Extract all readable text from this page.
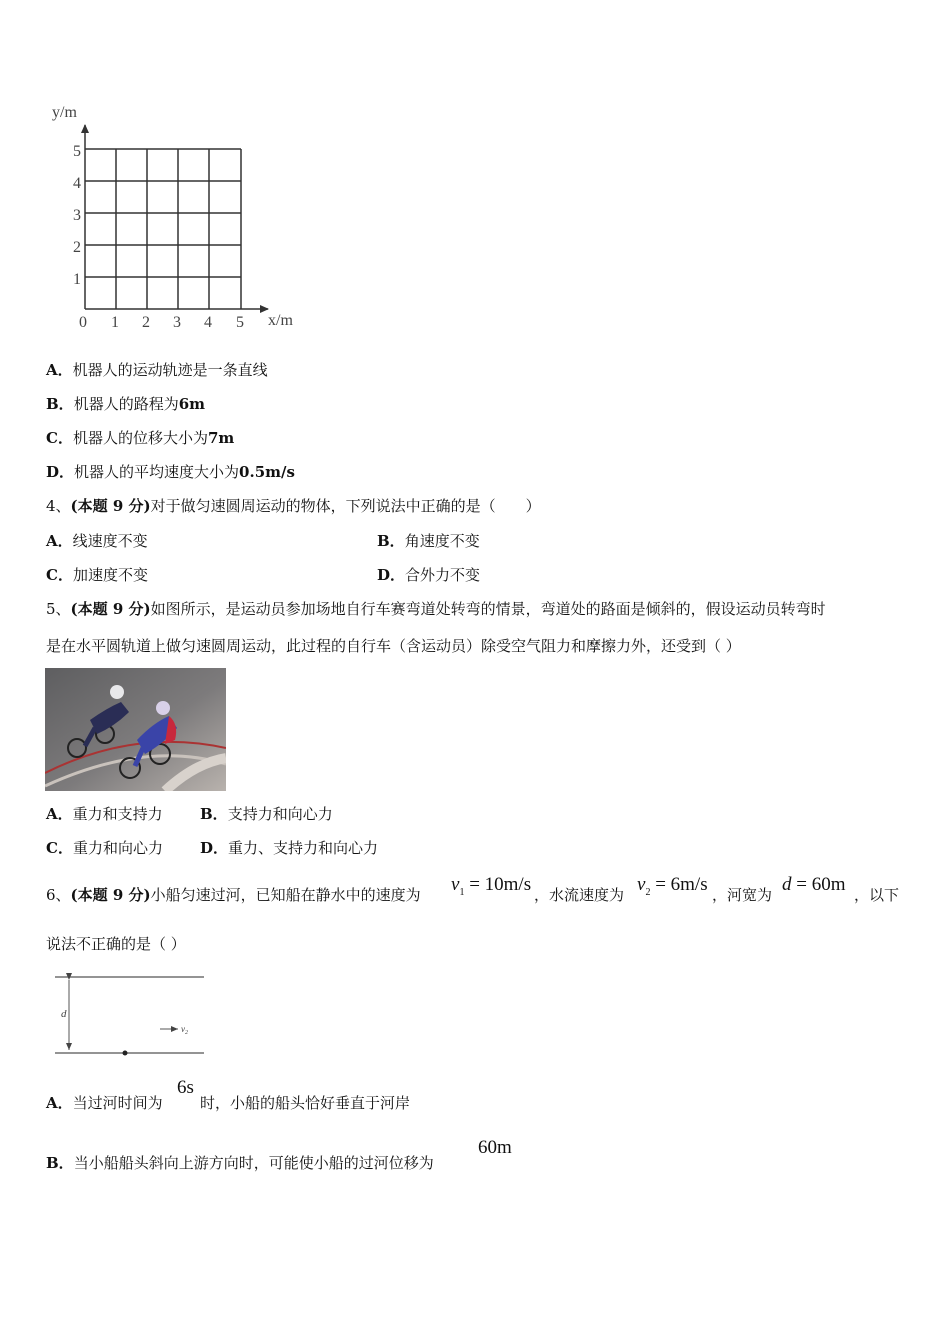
y/m
x/m
1
2
3
4
5
0 1 2 3 4 5
A．机器人的运动轨迹是一条直线
B．机器人的路程为6m
C．机器人的位移大小为7m
D．机器人的平均速度大小为0.5m/s
4、(本题 9 分)对于做匀速圆周运动的物体，下列说法中正确的是（　　）
A．线速度不变	B．角速度不变
C．加速度不变	D．合外力不变
5、(本题 9 分)如图所示，是运动员参加场地自行车赛弯道处转弯的情景，弯道处的路面是倾斜的，假设运动员转弯时
是在水平圆轨道上做匀速圆周运动，此过程的自行车（含运动员）除受空气阻力和摩擦力外，还受到（ ）
A．重力和支持力 B．支持力和向心力
C．重力和向心力 D．重力、支持力和向心力
6、(本题 9 分)小船匀速过河，已知船在静水中的速度为 $v_1 = 10m/s$ ，水流速度为 $v_2 = 6m/s$ ，河宽为 d = 60m ，以下
说法不正确的是（ ）
d
$v_2$
A．当过河时间为
6s
时，小船的船头恰好垂直于河岸
B．当小船船头斜向上游方向时，可能使小船的过河位移为
60m
